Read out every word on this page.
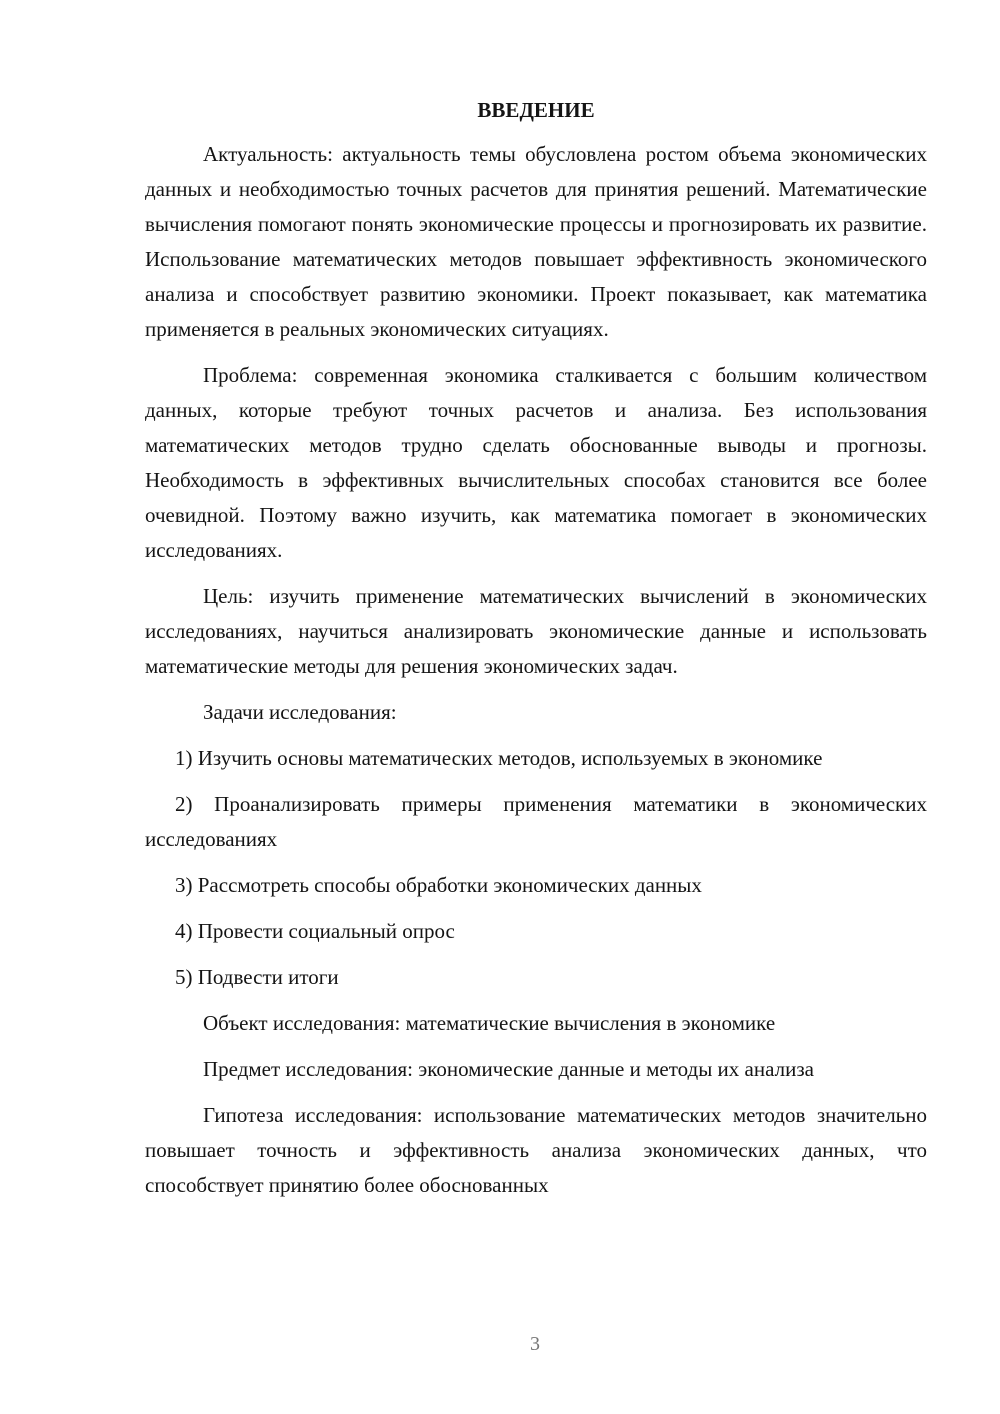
ВВЕДЕНИЕ

Актуальность: актуальность темы обусловлена ростом объема экономических данных и необходимостью точных расчетов для принятия решений. Математические вычисления помогают понять экономические процессы и прогнозировать их развитие. Использование математических методов повышает эффективность экономического анализа и способствует развитию экономики. Проект показывает, как математика применяется в реальных экономических ситуациях.

Проблема: современная экономика сталкивается с большим количеством данных, которые требуют точных расчетов и анализа. Без использования математических методов трудно сделать обоснованные выводы и прогнозы. Необходимость в эффективных вычислительных способах становится все более очевидной. Поэтому важно изучить, как математика помогает в экономических исследованиях.

Цель: изучить применение математических вычислений в экономических исследованиях, научиться анализировать экономические данные и использовать математические методы для решения экономических задач.

Задачи исследования:

1) Изучить основы математических методов, используемых в экономике

2) Проанализировать примеры применения математики в экономических исследованиях

3) Рассмотреть способы обработки экономических данных

4) Провести социальный опрос

5) Подвести итоги

Объект исследования: математические вычисления в экономике

Предмет исследования: экономические данные и методы их анализа

Гипотеза исследования: использование математических методов значительно повышает точность и эффективность анализа экономических данных, что способствует принятию более обоснованных

3
